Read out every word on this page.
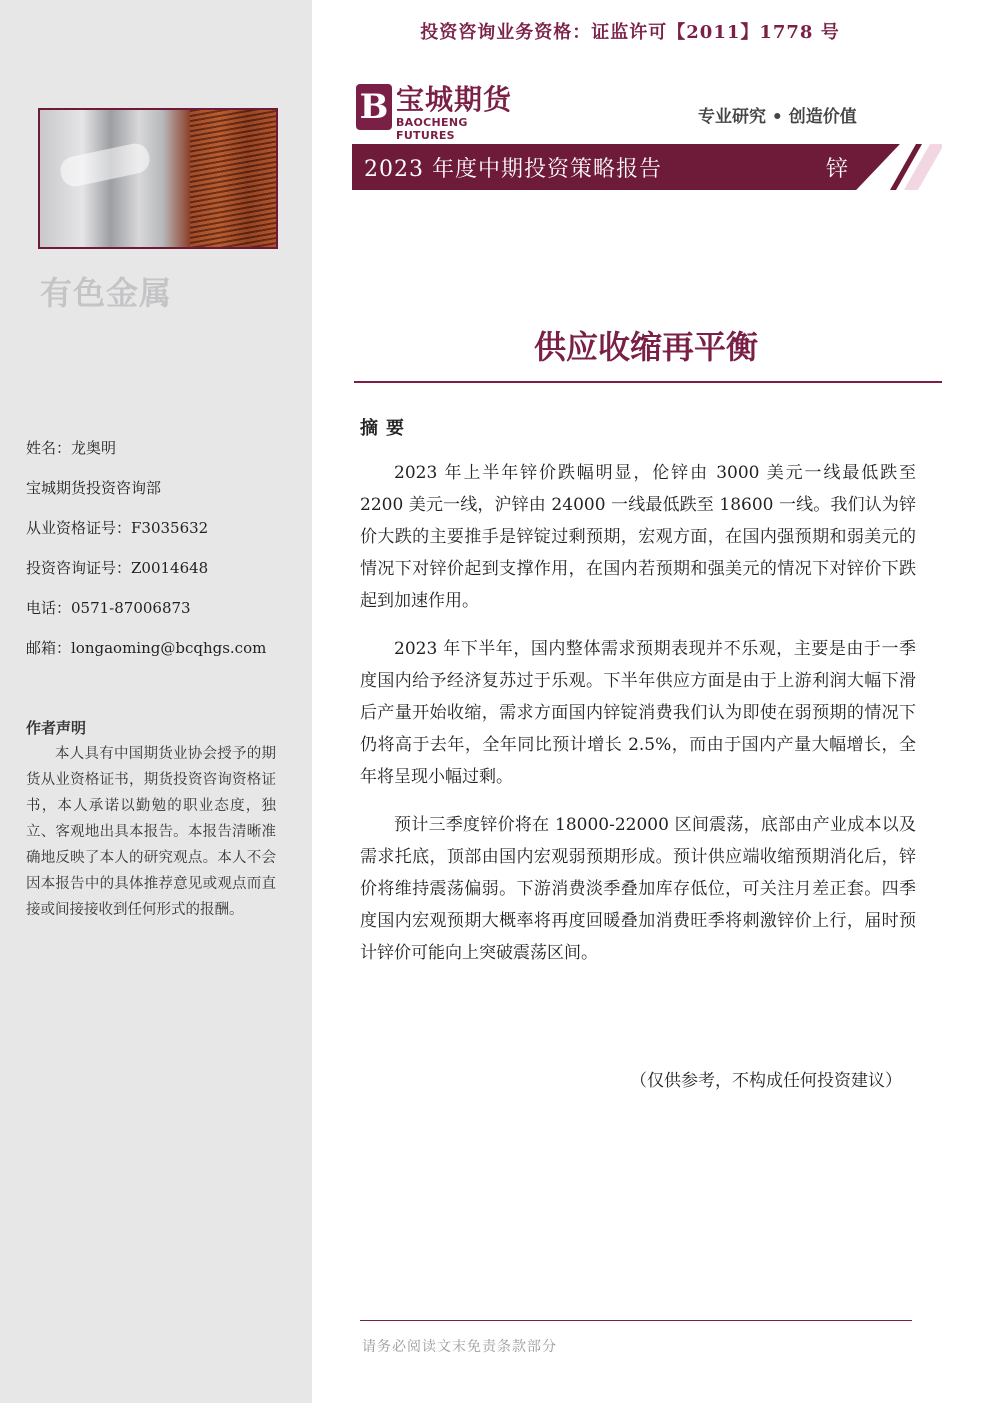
有色金属
姓名：龙奥明
宝城期货投资咨询部
从业资格证号：F3035632
投资咨询证号：Z0014648
电话：0571-87006873
邮箱：longaoming@bcqhgs.com
作者声明

本人具有中国期货业协会授予的期货从业资格证书，期货投资咨询资格证书，本人承诺以勤勉的职业态度，独立、客观地出具本报告。本报告清晰准确地反映了本人的研究观点。本人不会因本报告中的具体推荐意见或观点而直接或间接接收到任何形式的报酬。

投资咨询业务资格：证监许可【2011】1778 号
B 宝城期货
BAOCHENG FUTURES
专业研究 • 创造价值
2023 年度中期投资策略报告	锌
供应收缩再平衡
摘要

2023 年上半年锌价跌幅明显，伦锌由 3000 美元一线最低跌至 2200 美元一线，沪锌由 24000 一线最低跌至 18600 一线。我们认为锌价大跌的主要推手是锌锭过剩预期，宏观方面，在国内强预期和弱美元的情况下对锌价起到支撑作用，在国内若预期和强美元的情况下对锌价下跌起到加速作用。

2023 年下半年，国内整体需求预期表现并不乐观，主要是由于一季度国内给予经济复苏过于乐观。下半年供应方面是由于上游利润大幅下滑后产量开始收缩，需求方面国内锌锭消费我们认为即使在弱预期的情况下仍将高于去年，全年同比预计增长 2.5%，而由于国内产量大幅增长，全年将呈现小幅过剩。

预计三季度锌价将在 18000-22000 区间震荡，底部由产业成本以及需求托底，顶部由国内宏观弱预期形成。预计供应端收缩预期消化后，锌价将维持震荡偏弱。下游消费淡季叠加库存低位，可关注月差正套。四季度国内宏观预期大概率将再度回暖叠加消费旺季将刺激锌价上行，届时预计锌价可能向上突破震荡区间。

（仅供参考，不构成任何投资建议）
请务必阅读文末免责条款部分
